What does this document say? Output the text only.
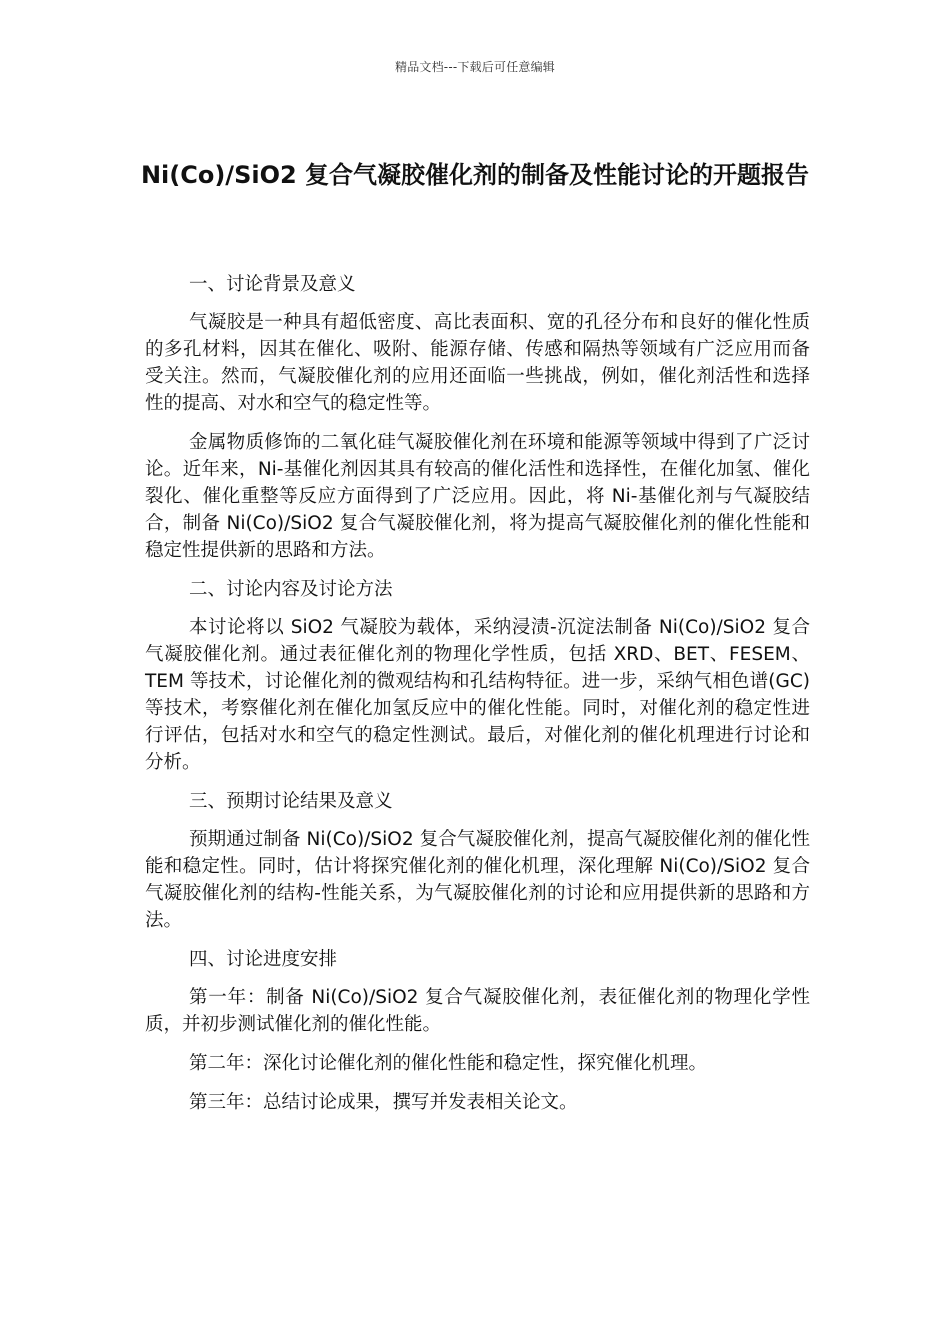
精品文档---下载后可任意编辑
Ni(Co)/SiO2 复合气凝胶催化剂的制备及性能讨论的开题报告

一、讨论背景及意义

气凝胶是一种具有超低密度、高比表面积、宽的孔径分布和良好的催化性质的多孔材料，因其在催化、吸附、能源存储、传感和隔热等领域有广泛应用而备受关注。然而，气凝胶催化剂的应用还面临一些挑战，例如，催化剂活性和选择性的提高、对水和空气的稳定性等。

金属物质修饰的二氧化硅气凝胶催化剂在环境和能源等领域中得到了广泛讨论。近年来，Ni-基催化剂因其具有较高的催化活性和选择性，在催化加氢、催化裂化、催化重整等反应方面得到了广泛应用。因此，将 Ni-基催化剂与气凝胶结合，制备 Ni(Co)/SiO2 复合气凝胶催化剂，将为提高气凝胶催化剂的催化性能和稳定性提供新的思路和方法。

二、讨论内容及讨论方法

本讨论将以 SiO2 气凝胶为载体，采纳浸渍-沉淀法制备 Ni(Co)/SiO2 复合气凝胶催化剂。通过表征催化剂的物理化学性质，包括 XRD、BET、FESEM、TEM 等技术，讨论催化剂的微观结构和孔结构特征。进一步，采纳气相色谱(GC)等技术，考察催化剂在催化加氢反应中的催化性能。同时，对催化剂的稳定性进行评估，包括对水和空气的稳定性测试。最后，对催化剂的催化机理进行讨论和分析。

三、预期讨论结果及意义

预期通过制备 Ni(Co)/SiO2 复合气凝胶催化剂，提高气凝胶催化剂的催化性能和稳定性。同时，估计将探究催化剂的催化机理，深化理解 Ni(Co)/SiO2 复合气凝胶催化剂的结构-性能关系，为气凝胶催化剂的讨论和应用提供新的思路和方法。

四、讨论进度安排

第一年：制备 Ni(Co)/SiO2 复合气凝胶催化剂，表征催化剂的物理化学性质，并初步测试催化剂的催化性能。

第二年：深化讨论催化剂的催化性能和稳定性，探究催化机理。

第三年：总结讨论成果，撰写并发表相关论文。
